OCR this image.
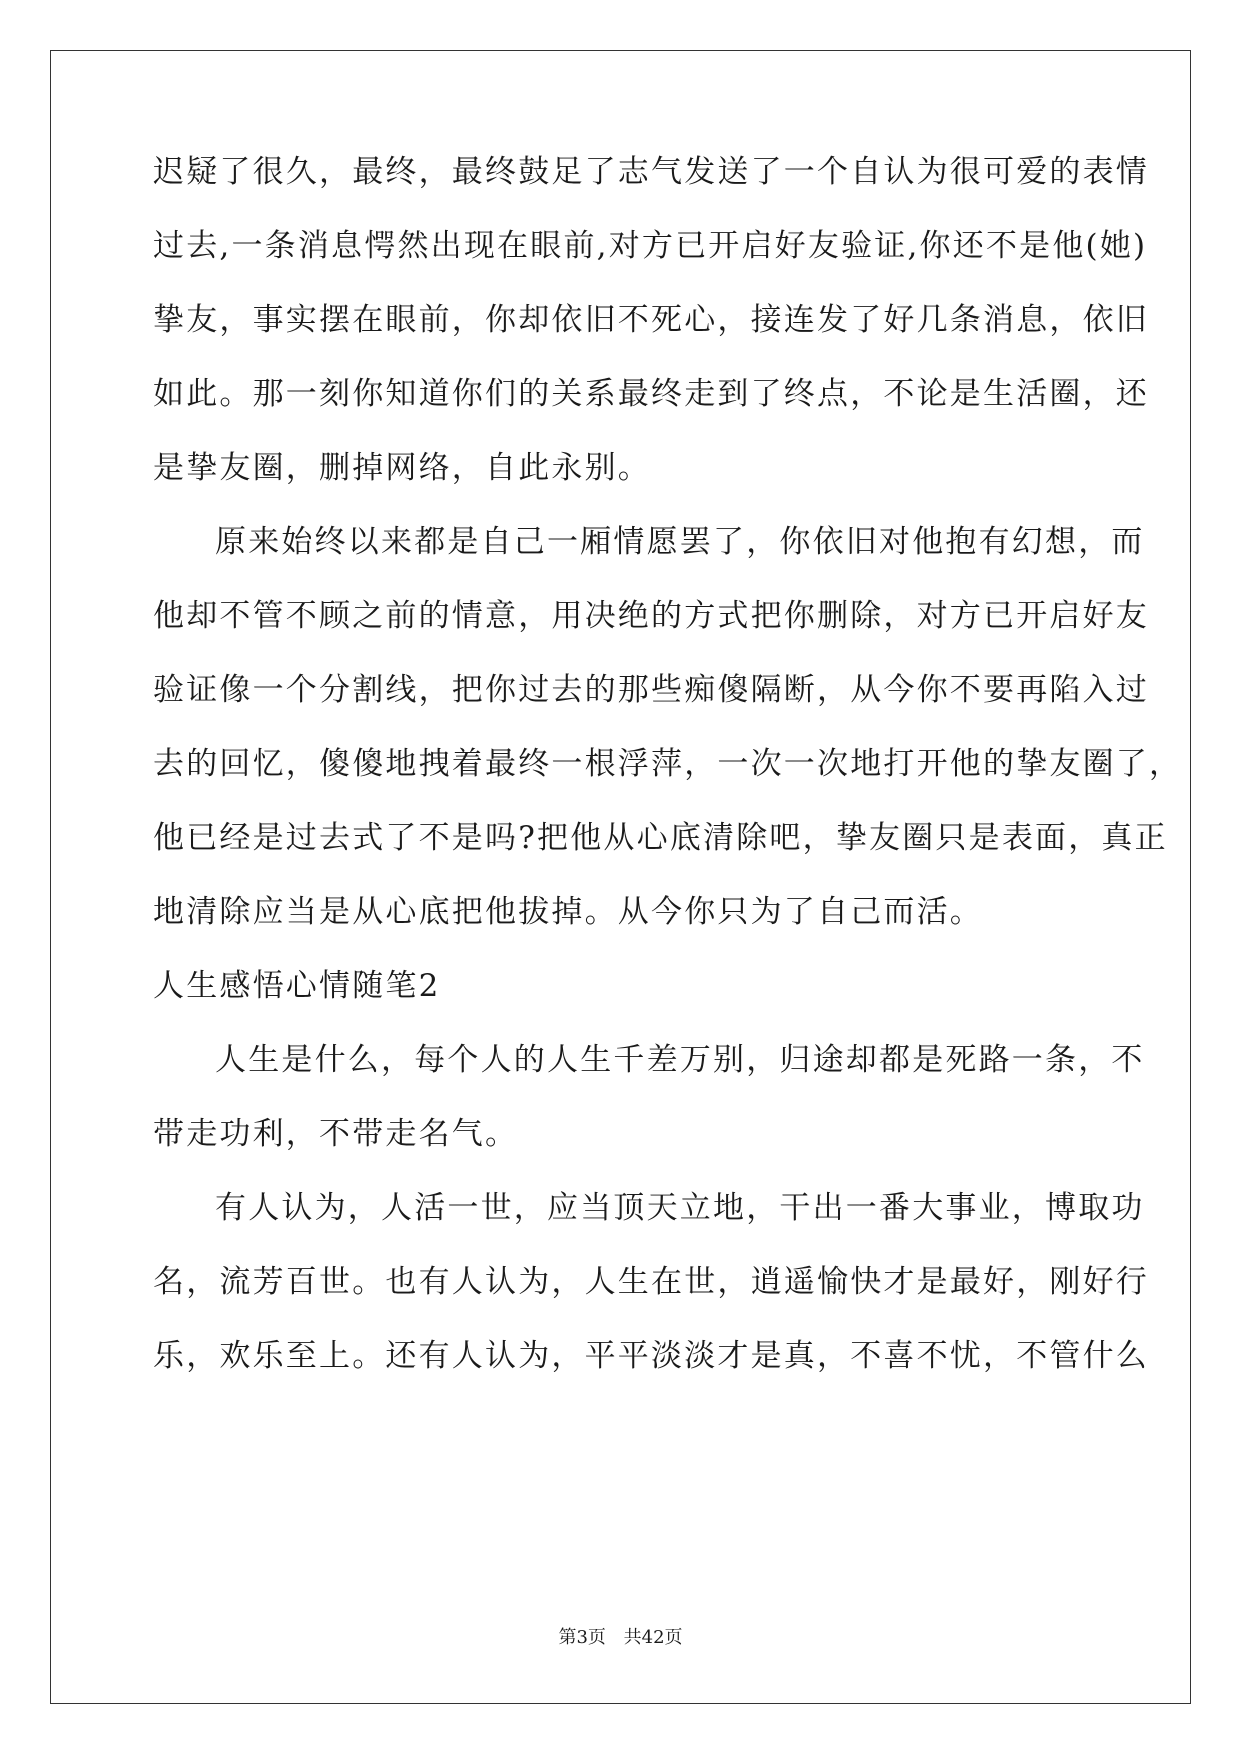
迟疑了很久，最终，最终鼓足了志气发送了一个自认为很可爱的表情
过去,一条消息愕然出现在眼前,对方已开启好友验证,你还不是他(她)
挚友，事实摆在眼前，你却依旧不死心，接连发了好几条消息，依旧
如此。那一刻你知道你们的关系最终走到了终点，不论是生活圈，还
是挚友圈，删掉网络，自此永别。
原来始终以来都是自己一厢情愿罢了，你依旧对他抱有幻想，而
他却不管不顾之前的情意，用决绝的方式把你删除，对方已开启好友
验证像一个分割线，把你过去的那些痴傻隔断，从今你不要再陷入过
去的回忆，傻傻地拽着最终一根浮萍，一次一次地打开他的挚友圈了，
他已经是过去式了不是吗?把他从心底清除吧，挚友圈只是表面，真正
地清除应当是从心底把他拔掉。从今你只为了自己而活。
人生感悟心情随笔2
人生是什么，每个人的人生千差万别，归途却都是死路一条，不
带走功利，不带走名气。
有人认为，人活一世，应当顶天立地，干出一番大事业，博取功
名，流芳百世。也有人认为，人生在世，逍遥愉快才是最好，刚好行
乐，欢乐至上。还有人认为，平平淡淡才是真，不喜不忧，不管什么
第3页 共42页
